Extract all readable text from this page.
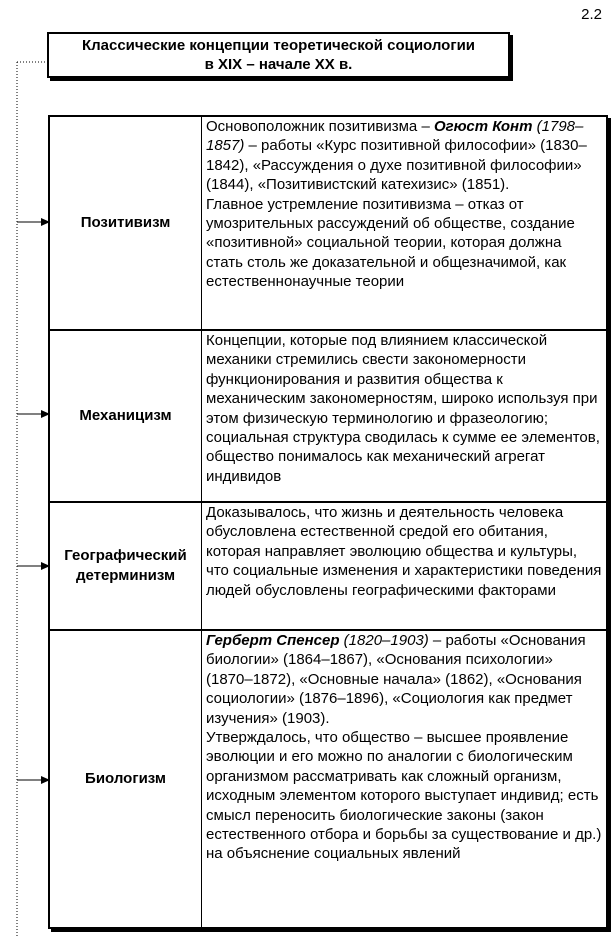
2.2
Классические концепции теоретической социологии
в XIX – начале XX в.
Позитивизм
Основоположник позитивизма – Огюст Конт (1798–1857) – работы «Курс позитивной философии» (1830–1842), «Рассуждения о духе позитивной философии» (1844), «Позитивистский катехизис» (1851).
Главное устремление позитивизма – отказ от умозрительных рассуждений об обществе, создание «позитивной» социальной теории, которая должна стать столь же доказательной и общезначимой, как естественнонаучные теории
Механицизм
Концепции, которые под влиянием классической механики стремились свести закономерности функционирования и развития общества к механическим закономерностям, широко используя при этом физическую терминологию и фразеологию; социальная структура сводилась к сумме ее элементов, общество понималось как механический агрегат индивидов
Географический детерминизм
Доказывалось, что жизнь и деятельность человека обусловлена естественной средой его обитания, которая направляет эволюцию общества и культуры, что социальные изменения и характеристики поведения людей обусловлены географическими факторами
Биологизм
Герберт Спенсер (1820–1903) – работы «Основания биологии» (1864–1867), «Основания психологии» (1870–1872), «Основные начала» (1862), «Основания социологии» (1876–1896), «Социология как предмет изучения» (1903).
Утверждалось, что общество – высшее проявление эволюции и его можно по аналогии с биологическим организмом рассматривать как сложный организм, исходным элементом которого выступает индивид; есть смысл переносить биологические законы (закон естественного отбора и борьбы за существование и др.) на объяснение социальных явлений
